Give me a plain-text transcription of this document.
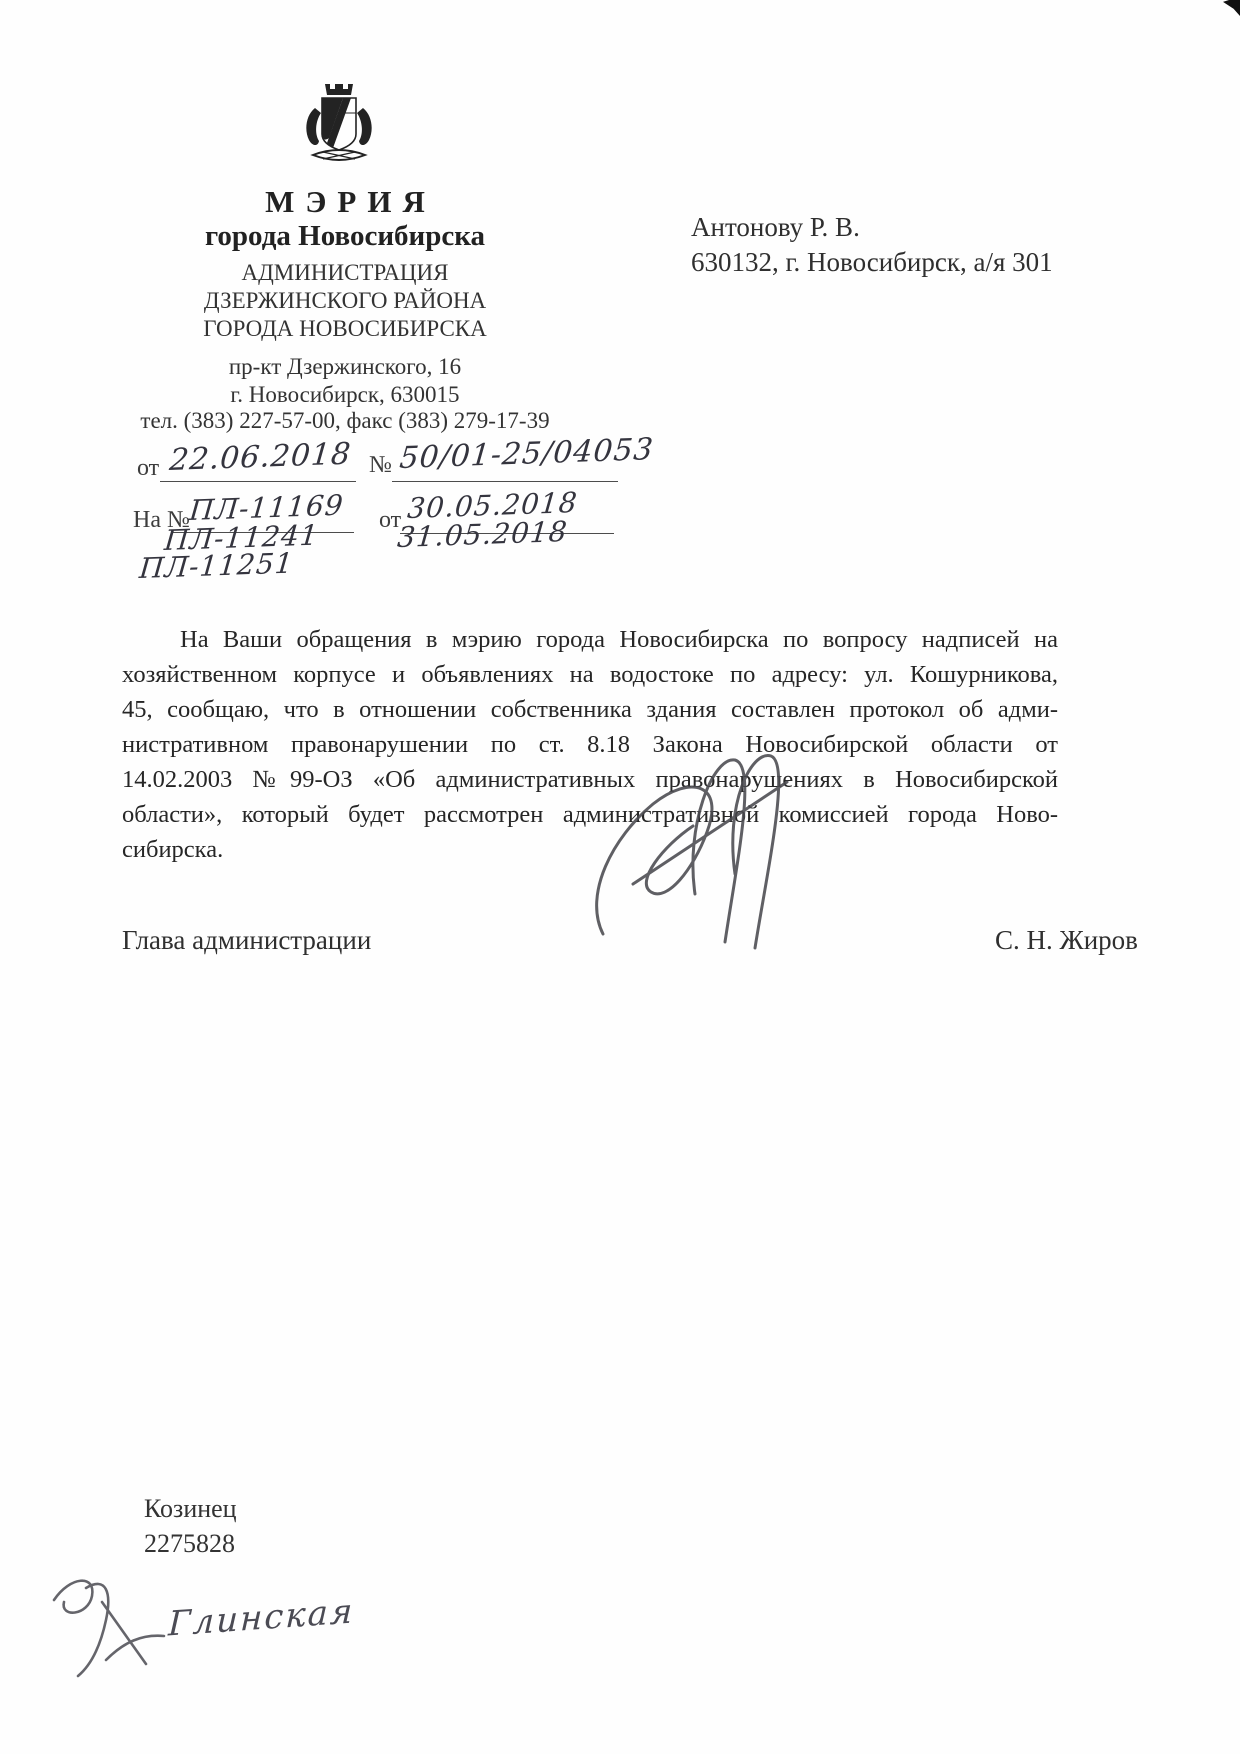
МЭРИЯ
города Новосибирска
АДМИНИСТРАЦИЯ
ДЗЕРЖИНСКОГО РАЙОНА
ГОРОДА НОВОСИБИРСКА
пр-кт Дзержинского, 16
г. Новосибирск, 630015
тел. (383) 227-57-00, факс (383) 279-17-39
от 22.06.2018 № 50/01-25/04053
На №
ПЛ-11169 от 30.05.2018
ПЛ-11241	31.05.2018
ПЛ-11251
Антонову Р. В.
630132, г. Новосибирск, а/я 301
На Ваши обращения в мэрию города Новосибирска по вопросу надписей на
хозяйственном корпусе и объявлениях на водостоке по адресу: ул. Кошурникова,
45, сообщаю, что в отношении собственника здания составлен протокол об адми-
нистративном правонарушении по ст. 8.18 Закона Новосибирской области от
14.02.2003 №99-ОЗ «Об административных правонарушениях в Новосибирской
области», который будет рассмотрен административной комиссией города Ново-
сибирска.
Глава администрации	С. Н. Жиров
Козинец
2275828
Глинская
